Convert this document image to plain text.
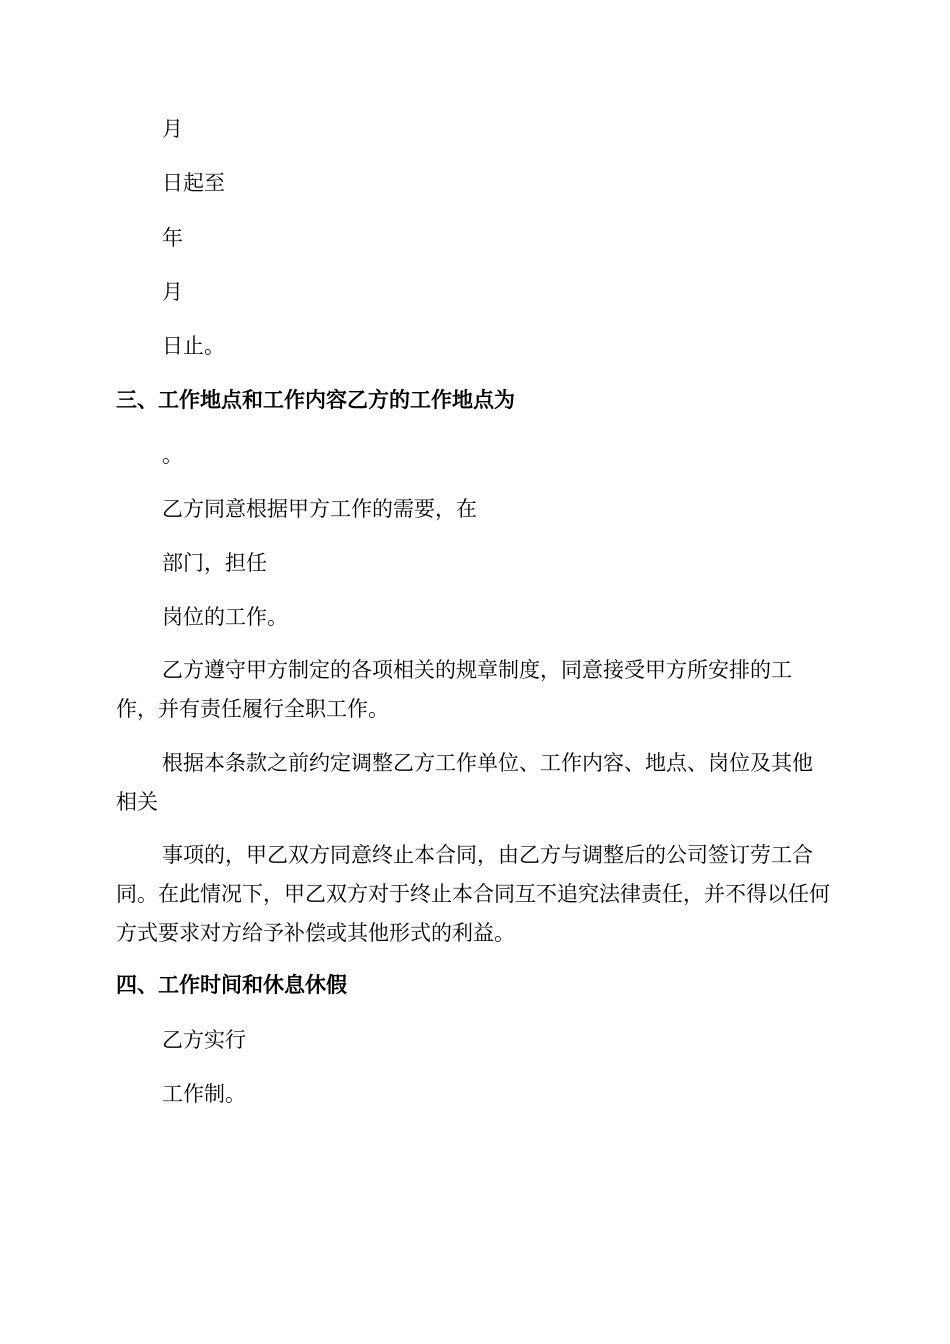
月

日起至

年

月

日止。

三、工作地点和工作内容乙方的工作地点为

。

乙方同意根据甲方工作的需要，在

部门，担任

岗位的工作。

乙方遵守甲方制定的各项相关的规章制度，同意接受甲方所安排的工作，并有责任履行全职工作。

根据本条款之前约定调整乙方工作单位、工作内容、地点、岗位及其他相关

事项的，甲乙双方同意终止本合同，由乙方与调整后的公司签订劳工合同。在此情况下，甲乙双方对于终止本合同互不追究法律责任，并不得以任何方式要求对方给予补偿或其他形式的利益。

四、工作时间和休息休假

乙方实行

工作制。
